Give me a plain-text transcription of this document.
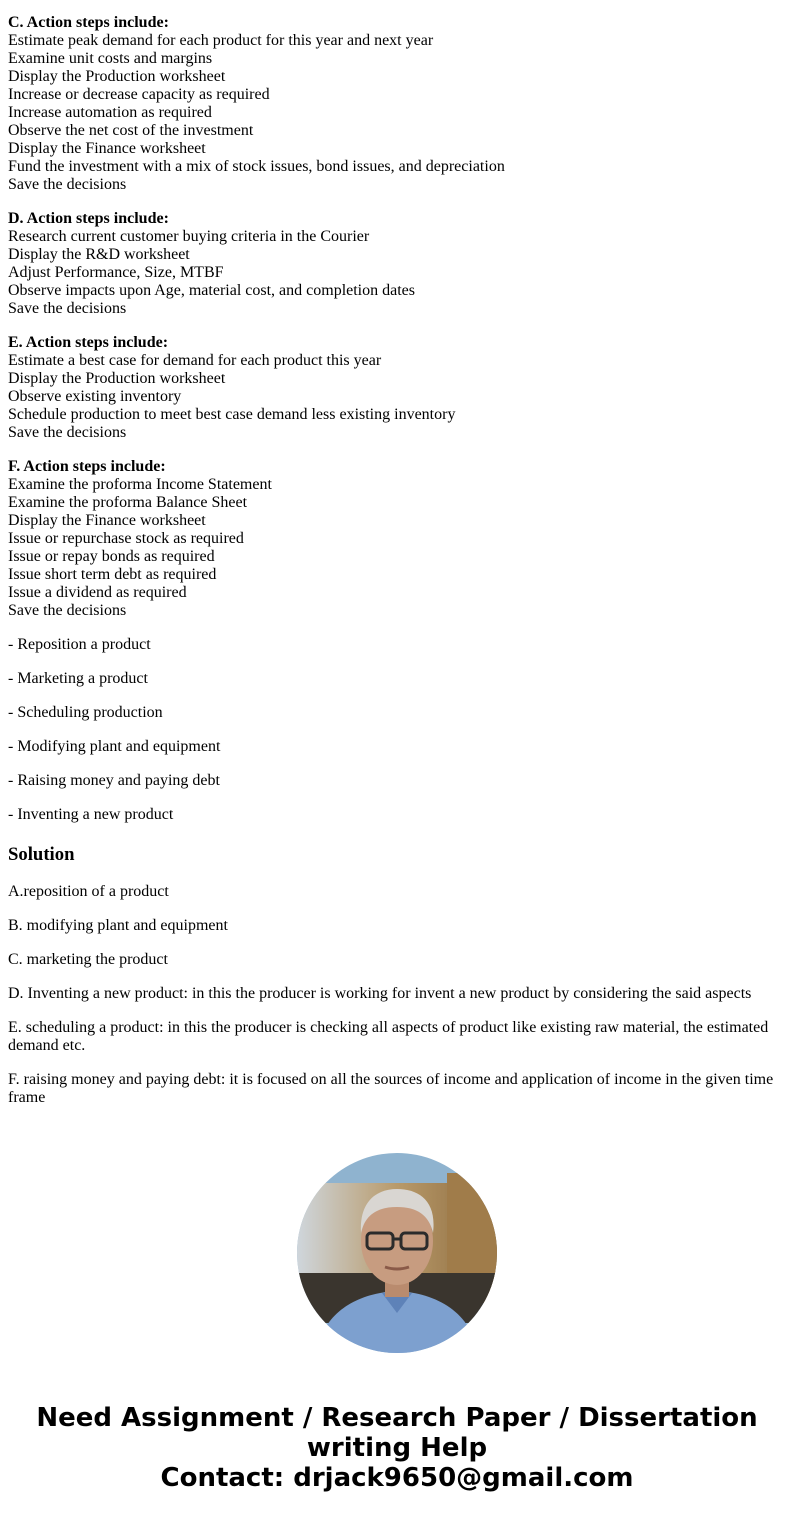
C. Action steps include:
Estimate peak demand for each product for this year and next year
Examine unit costs and margins
Display the Production worksheet
Increase or decrease capacity as required
Increase automation as required
Observe the net cost of the investment
Display the Finance worksheet
Fund the investment with a mix of stock issues, bond issues, and depreciation
Save the decisions
D. Action steps include:
Research current customer buying criteria in the Courier
Display the R&D worksheet
Adjust Performance, Size, MTBF
Observe impacts upon Age, material cost, and completion dates
Save the decisions
E. Action steps include:
Estimate a best case for demand for each product this year
Display the Production worksheet
Observe existing inventory
Schedule production to meet best case demand less existing inventory
Save the decisions
F. Action steps include:
Examine the proforma Income Statement
Examine the proforma Balance Sheet
Display the Finance worksheet
Issue or repurchase stock as required
Issue or repay bonds as required
Issue short term debt as required
Issue a dividend as required
Save the decisions
- Reposition a product
- Marketing a product
- Scheduling production
- Modifying plant and equipment
- Raising money and paying debt
- Inventing a new product
Solution
A.reposition of a product
B. modifying plant and equipment
C. marketing the product
D. Inventing a new product: in this the producer is working for invent a new product by considering the said aspects
E. scheduling a product: in this the producer is checking all aspects of product like existing raw material, the estimated demand etc.
F. raising money and paying debt: it is focused on all the sources of income and application of income in the given time frame
Need Assignment / Research Paper / Dissertation writing Help
Contact: drjack9650@gmail.com
